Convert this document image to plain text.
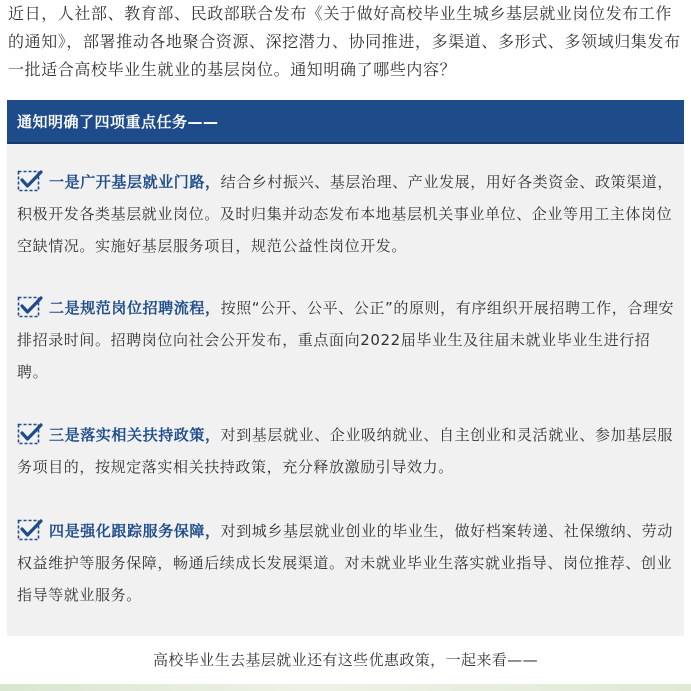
近日，人社部、教育部、民政部联合发布《关于做好高校毕业生城乡基层就业岗位发布工作的通知》，部署推动各地聚合资源、深挖潜力、协同推进，多渠道、多形式、多领域归集发布一批适合高校毕业生就业的基层岗位。通知明确了哪些内容？

通知明确了四项重点任务——

一是广开基层就业门路，结合乡村振兴、基层治理、产业发展，用好各类资金、政策渠道，积极开发各类基层就业岗位。及时归集并动态发布本地基层机关事业单位、企业等用工主体岗位空缺情况。实施好基层服务项目，规范公益性岗位开发。

二是规范岗位招聘流程，按照“公开、公平、公正”的原则，有序组织开展招聘工作，合理安排招录时间。招聘岗位向社会公开发布，重点面向2022届毕业生及往届未就业毕业生进行招聘。

三是落实相关扶持政策，对到基层就业、企业吸纳就业、自主创业和灵活就业、参加基层服务项目的，按规定落实相关扶持政策，充分释放激励引导效力。

四是强化跟踪服务保障，对到城乡基层就业创业的毕业生，做好档案转递、社保缴纳、劳动权益维护等服务保障，畅通后续成长发展渠道。对未就业毕业生落实就业指导、岗位推荐、创业指导等就业服务。

高校毕业生去基层就业还有这些优惠政策，一起来看——
